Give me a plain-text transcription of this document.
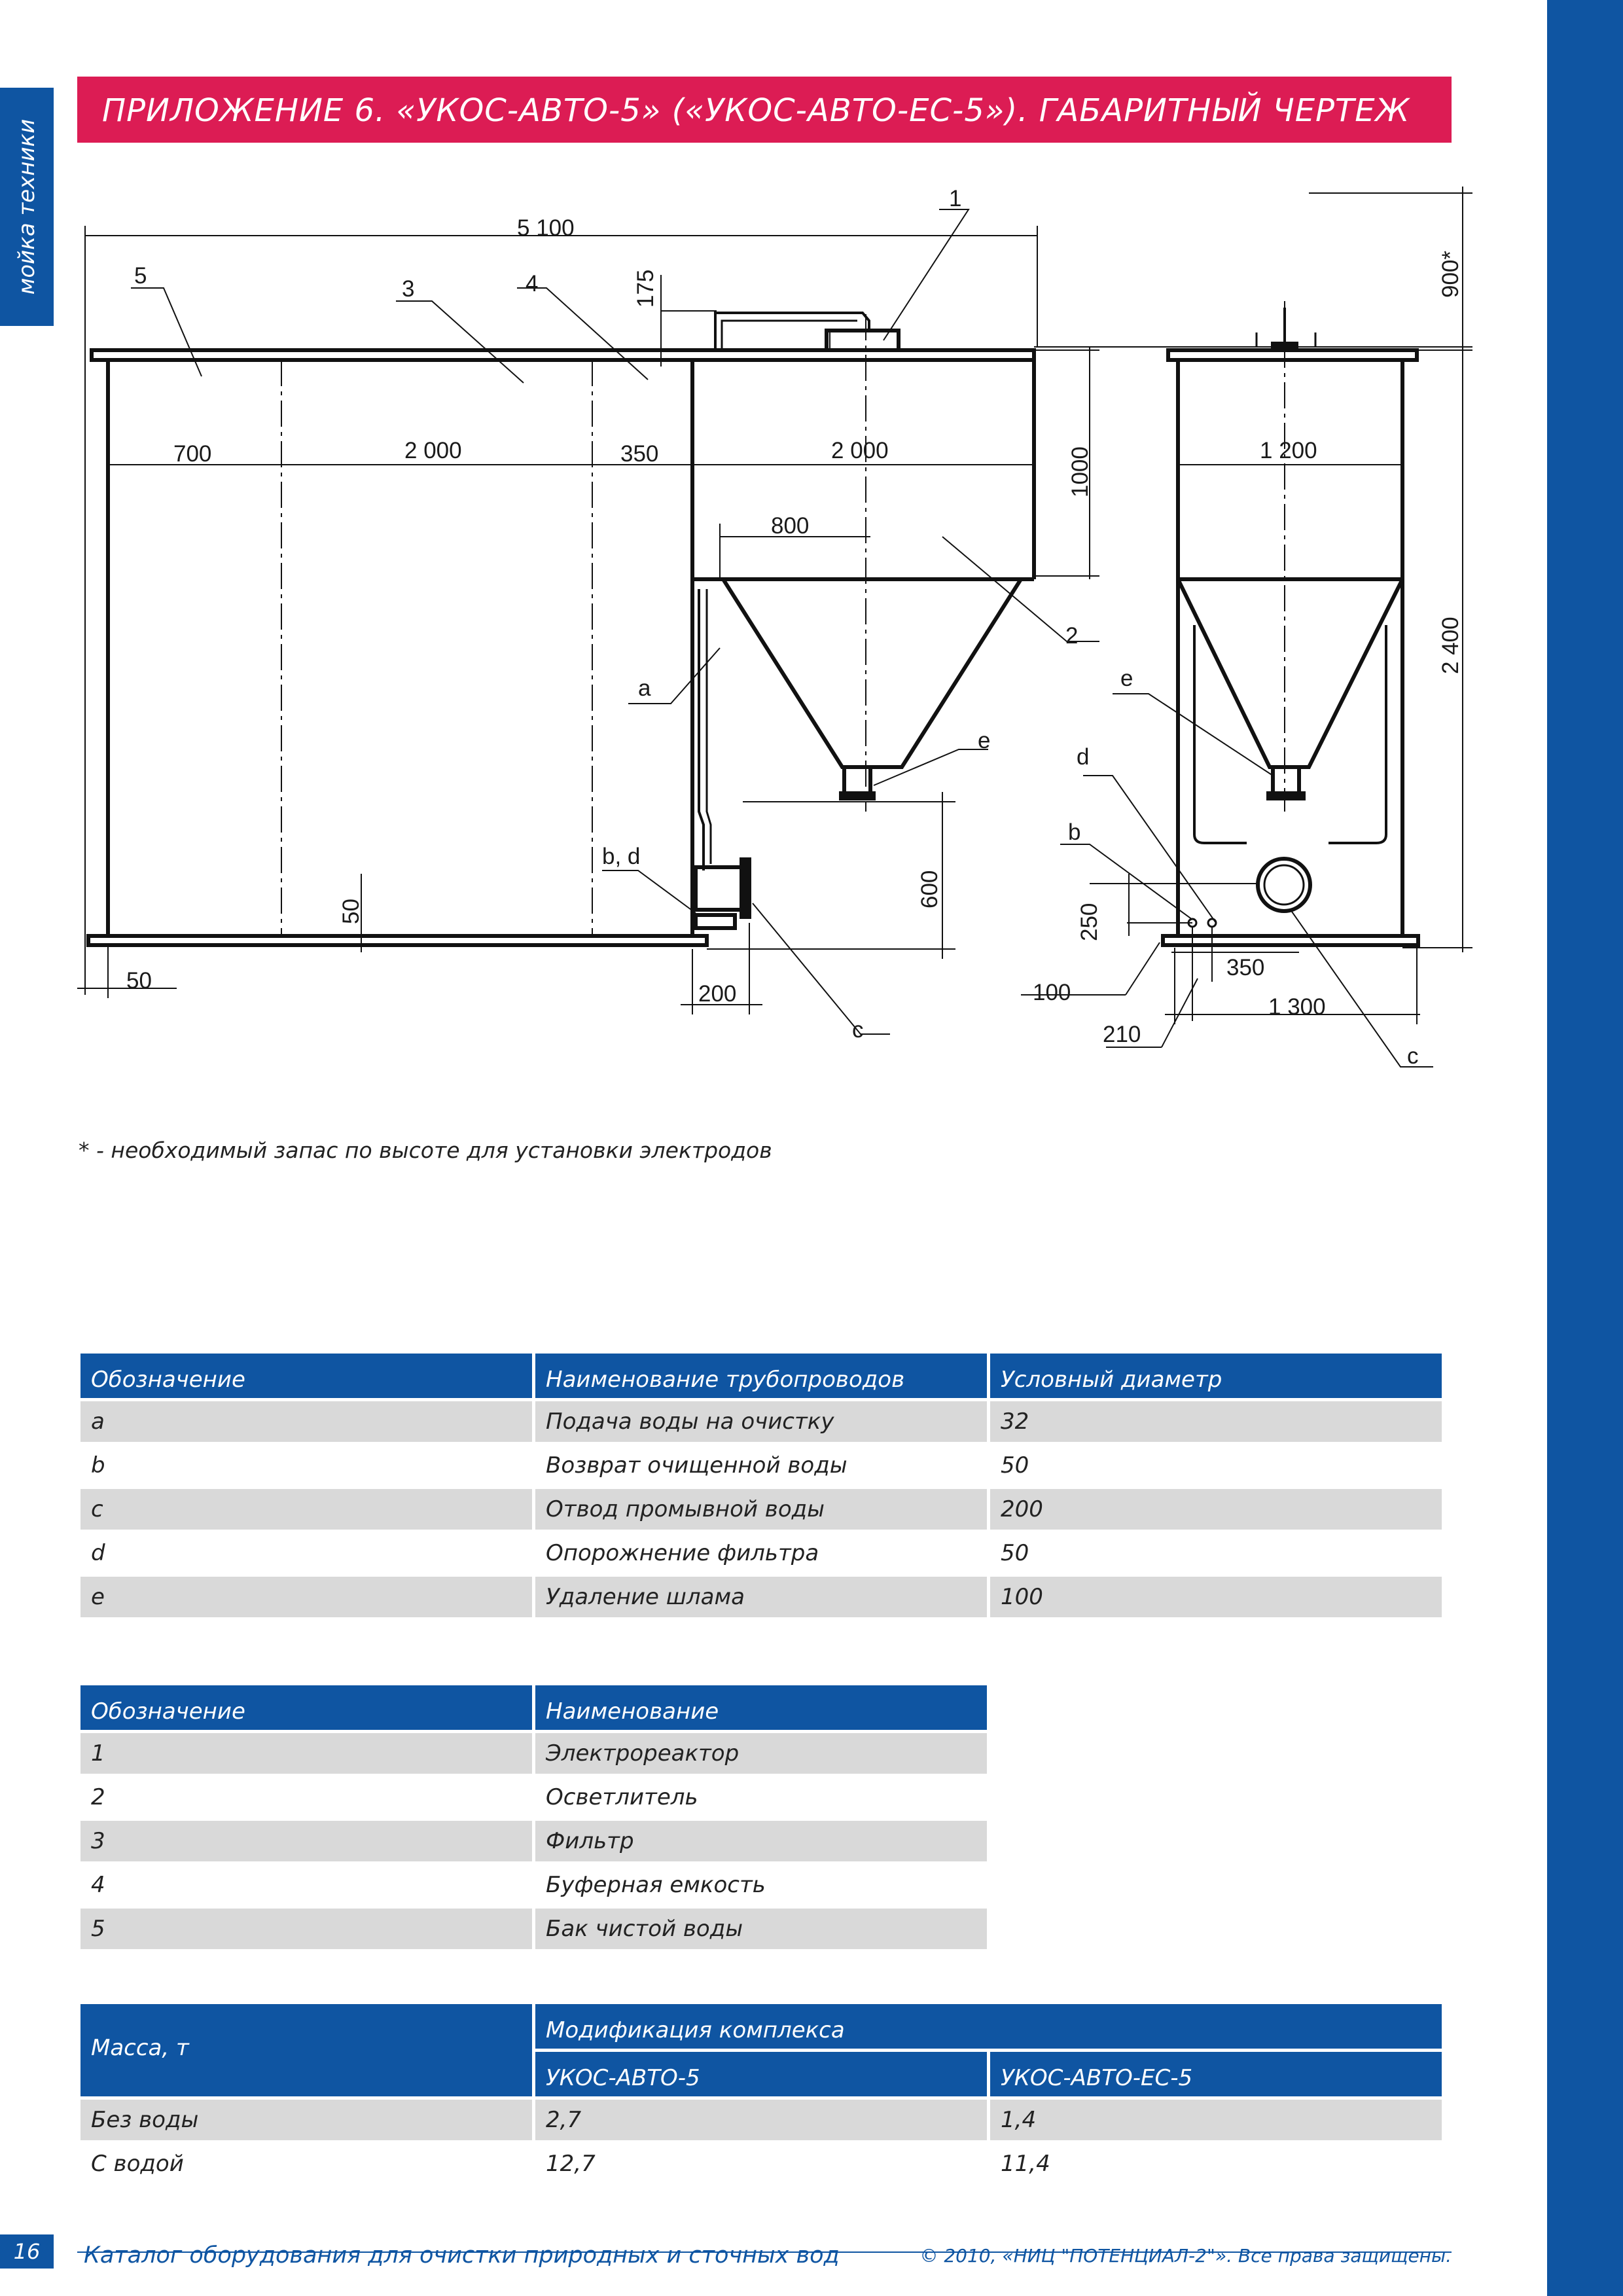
мойка техники
ПРИЛОЖЕНИЕ 6. «УКОС-АВТО-5» («УКОС-АВТО-ЕС-5»). ГАБАРИТНЫЙ ЧЕРТЕЖ
5 100
175	900*
700	2 000	350	2 000	1000
800
600
50
50
200
1 200
2 400
250
350
100
1 300
210
1
2
3	4
5
a
b, d
c
e
e
d
b
c
* - необходимый запас по высоте для установки электродов
Обозначение	Наименование трубопроводов	Условный диаметр
a	Подача воды на очистку	32
b	Возврат очищенной воды	50
c	Отвод промывной воды	200
d	Опорожнение фильтра	50
e	Удаление шлама	100
Обозначение	Наименование
1	Электрореактор
2	Осветлитель
3	Фильтр
4	Буферная емкость
5	Бак чистой воды
Масса, т	Модификация комплекса	
	УКОС-АВТО-5	УКОС-АВТО-ЕС-5
Без воды	2,7	1,4
С водой	12,7	11,4
16	Каталог оборудования для очистки природных и сточных вод	© 2010, «НИЦ "ПОТЕНЦИАЛ-2"». Все права защищены.
